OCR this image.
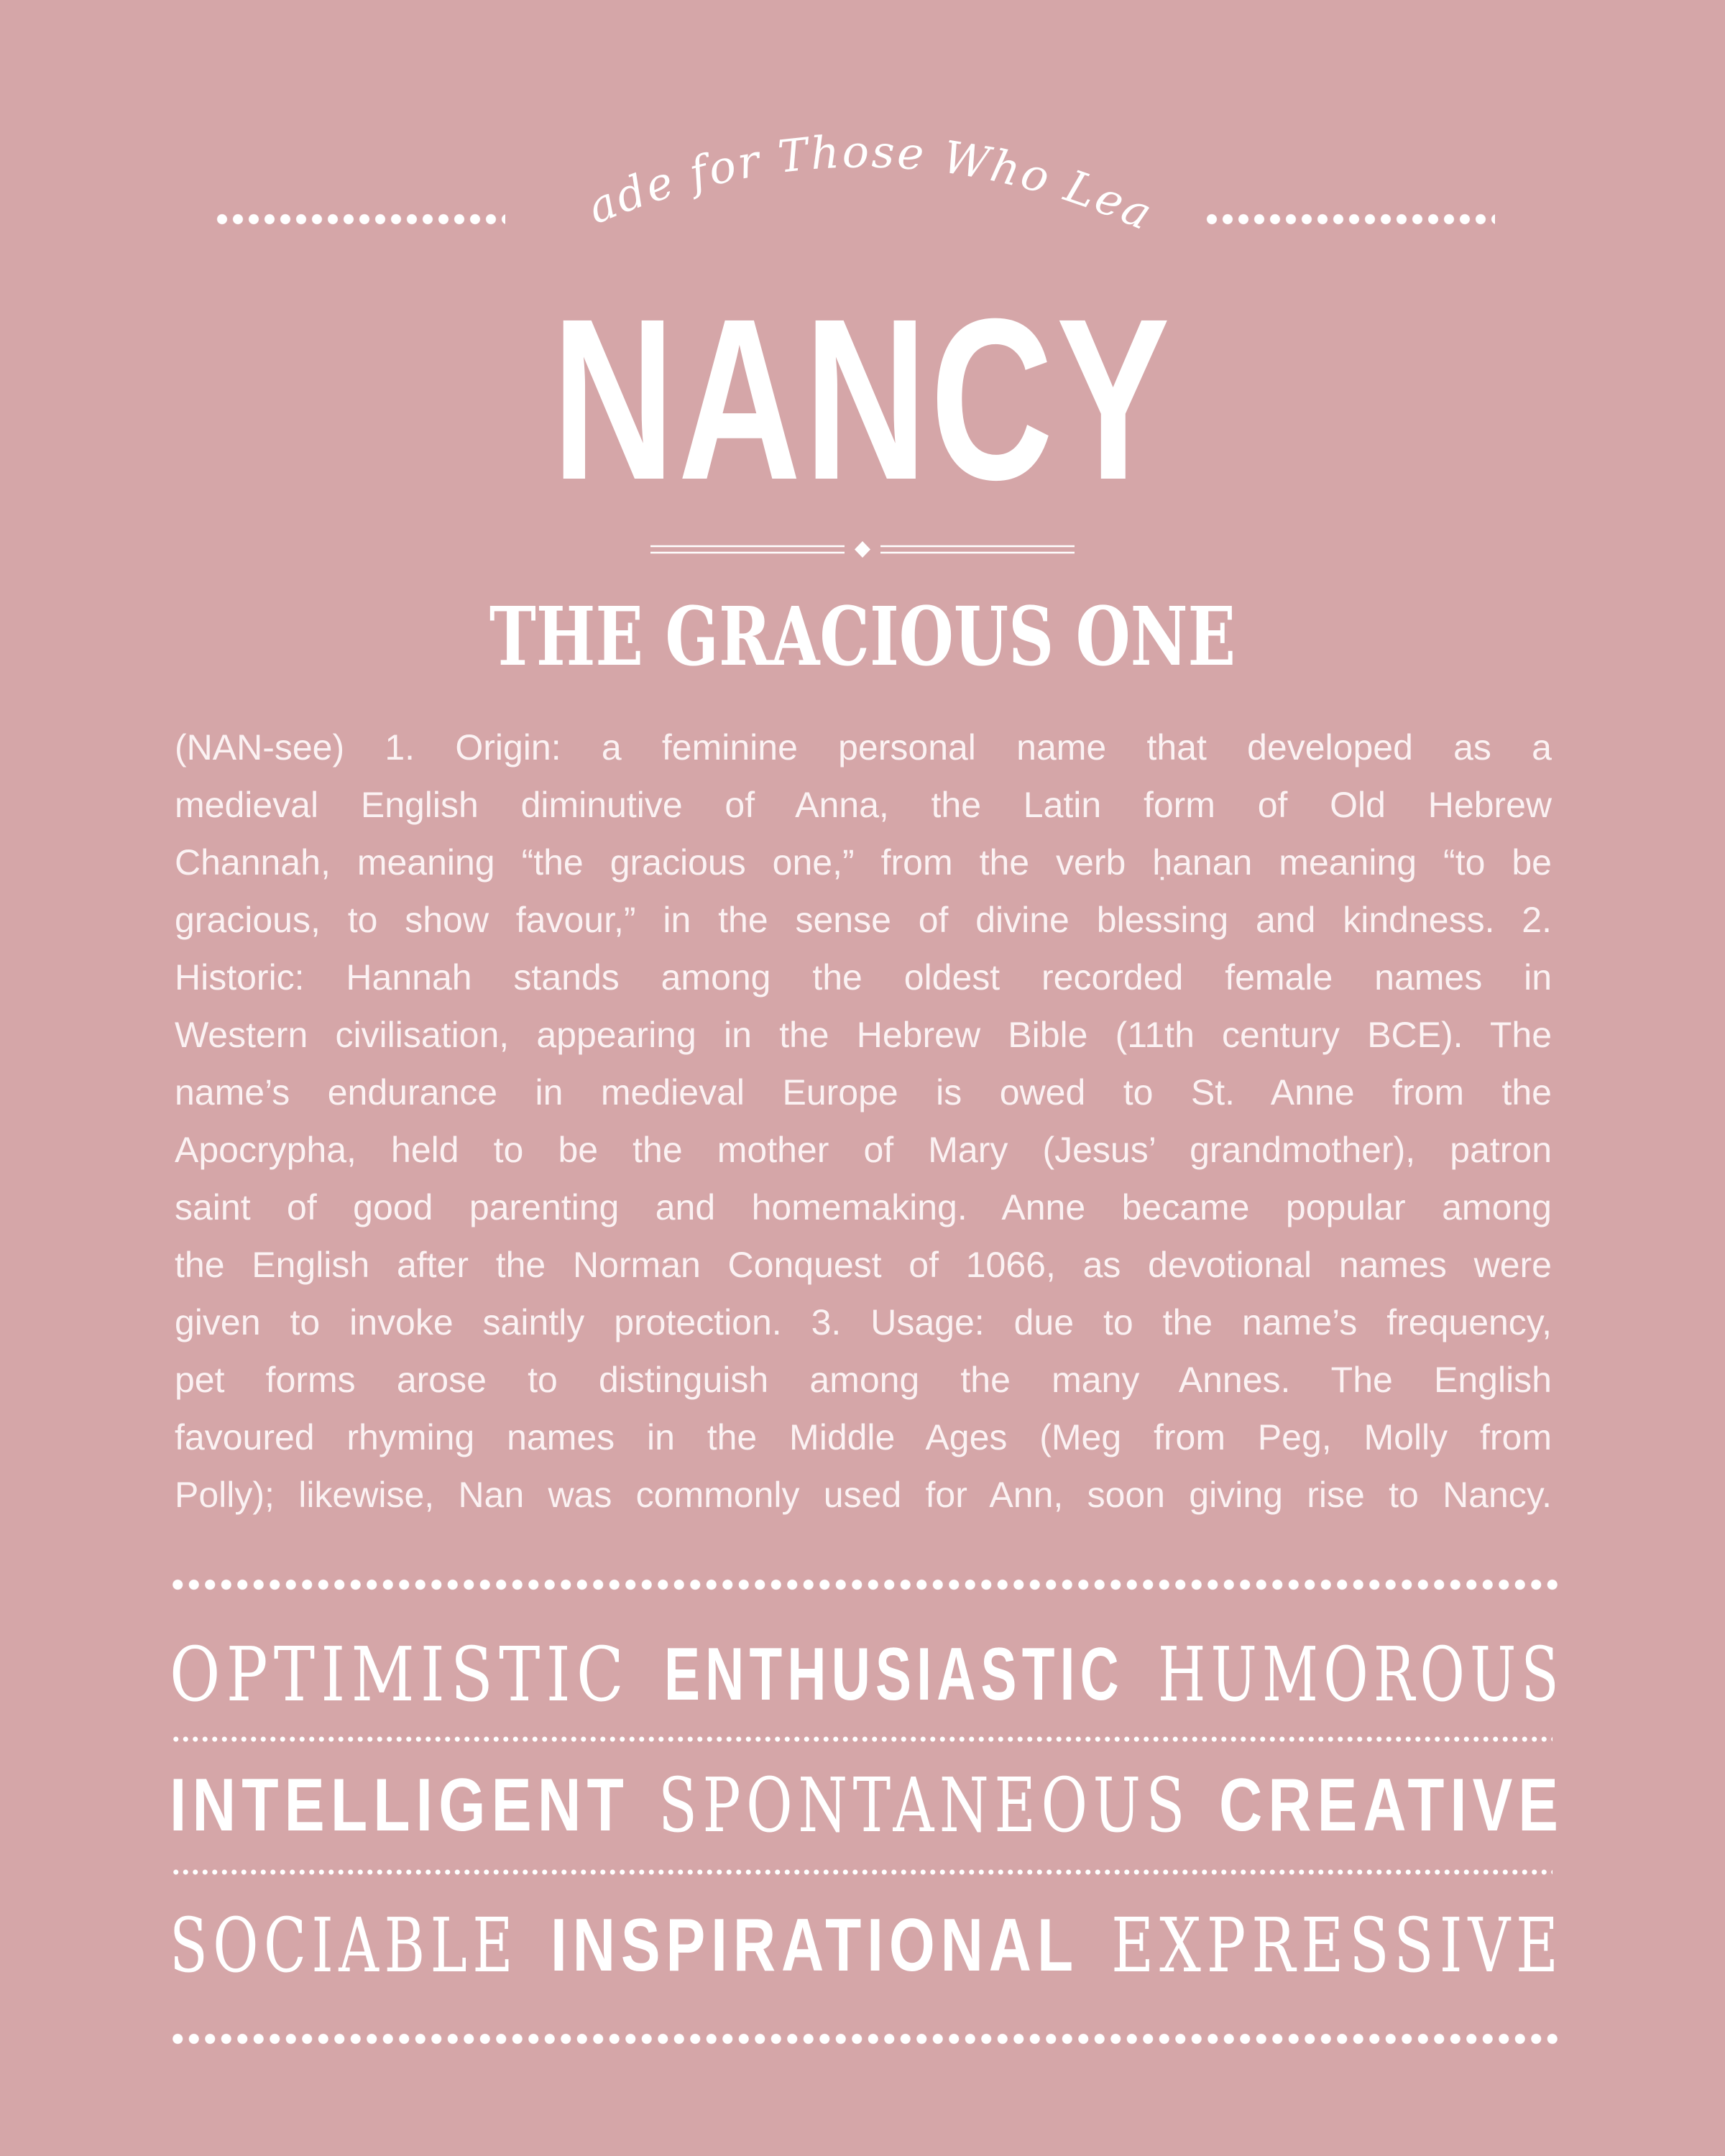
Made for Those Who Lead
NANCY
THE GRACIOUS ONE
(NAN-see) 1. Origin: a feminine personal name that developed as a
medieval English diminutive of Anna, the Latin form of Old Hebrew
Channah, meaning “the gracious one,” from the verb ḥanan meaning “to be
gracious, to show favour,” in the sense of divine blessing and kindness. 2.
Historic: Hannah stands among the oldest recorded female names in
Western civilisation, appearing in the Hebrew Bible (11th century BCE). The
name’s endurance in medieval Europe is owed to St. Anne from the
Apocrypha, held to be the mother of Mary (Jesus’ grandmother), patron
saint of good parenting and homemaking. Anne became popular among
the English after the Norman Conquest of 1066, as devotional names were
given to invoke saintly protection. 3. Usage: due to the name’s frequency,
pet forms arose to distinguish among the many Annes. The English
favoured rhyming names in the Middle Ages (Meg from Peg, Molly from
Polly); likewise, Nan was commonly used for Ann, soon giving rise to Nancy.
OPTIMISTIC ENTHUSIASTIC HUMOROUS
INTELLIGENT SPONTANEOUS CREATIVE
SOCIABLE INSPIRATIONAL EXPRESSIVE
